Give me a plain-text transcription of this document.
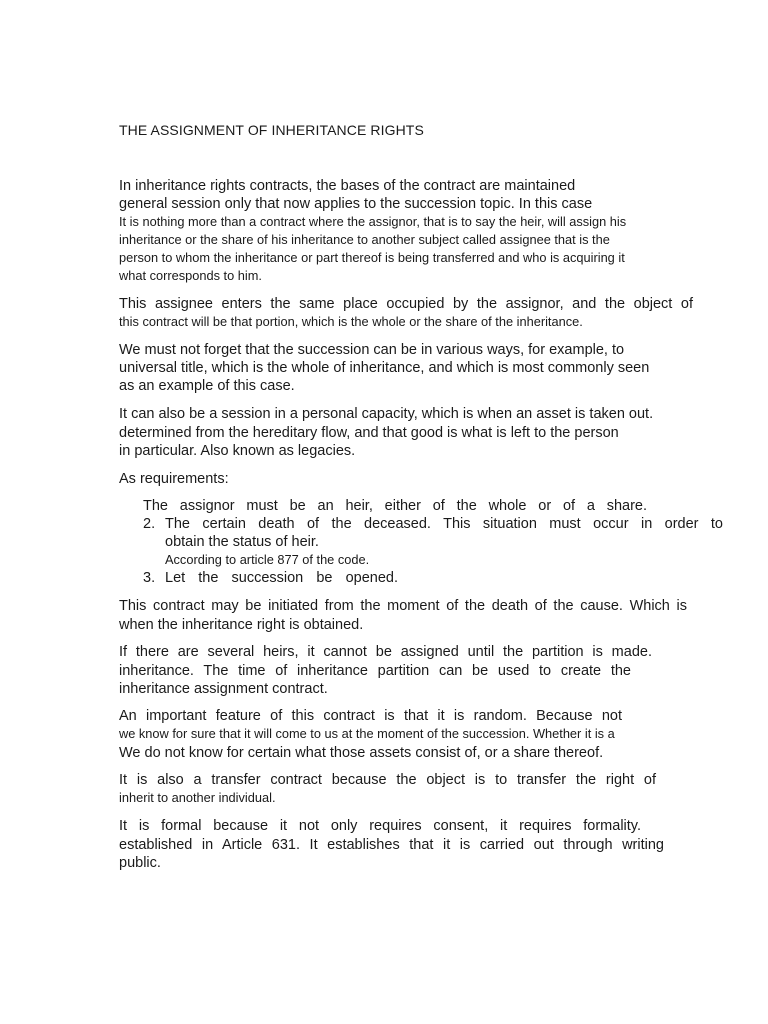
THE ASSIGNMENT OF INHERITANCE RIGHTS
In inheritance rights contracts, the bases of the contract are maintained
general session only that now applies to the succession topic. In this case
It is nothing more than a contract where the assignor, that is to say the heir, will assign his
inheritance or the share of his inheritance to another subject called assignee that is the
person to whom the inheritance or part thereof is being transferred and who is acquiring it
what corresponds to him.
This assignee enters the same place occupied by the assignor, and the object of
this contract will be that portion, which is the whole or the share of the inheritance.
We must not forget that the succession can be in various ways, for example, to
universal title, which is the whole of inheritance, and which is most commonly seen
as an example of this case.
It can also be a session in a personal capacity, which is when an asset is taken out.
determined from the hereditary flow, and that good is what is left to the person
in particular. Also known as legacies.
As requirements:
The assignor must be an heir, either of the whole or of a share.
2. The certain death of the deceased. This situation must occur in order to
obtain the status of heir.
According to article 877 of the code.
3. Let the succession be opened.
This contract may be initiated from the moment of the death of the cause. Which is
when the inheritance right is obtained.
If there are several heirs, it cannot be assigned until the partition is made.
inheritance. The time of inheritance partition can be used to create the
inheritance assignment contract.
An important feature of this contract is that it is random. Because not
we know for sure that it will come to us at the moment of the succession. Whether it is a
We do not know for certain what those assets consist of, or a share thereof.
It is also a transfer contract because the object is to transfer the right of
inherit to another individual.
It is formal because it not only requires consent, it requires formality.
established in Article 631. It establishes that it is carried out through writing
public.
